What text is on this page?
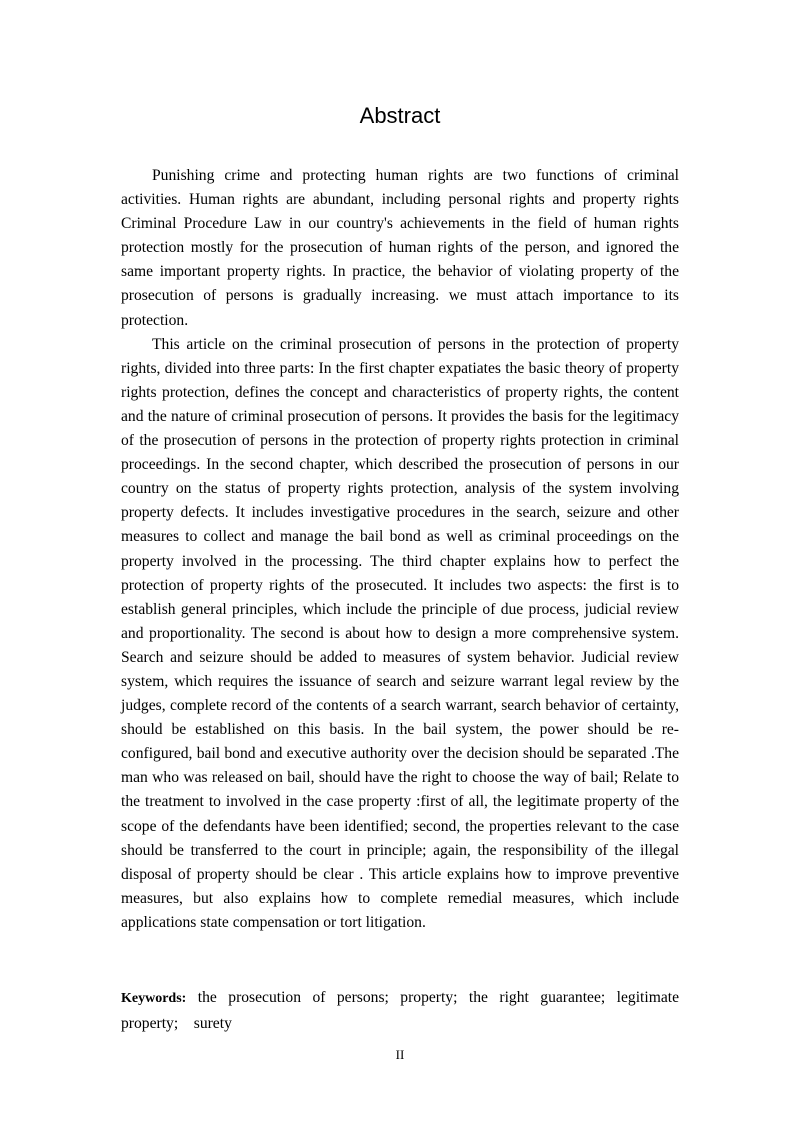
Abstract

Punishing crime and protecting human rights are two functions of criminal activities. Human rights are abundant, including personal rights and property rights Criminal Procedure Law in our country's achievements in the field of human rights protection mostly for the prosecution of human rights of the person, and ignored the same important property rights. In practice, the behavior of violating property of the prosecution of persons is gradually increasing. we must attach importance to its protection.

This article on the criminal prosecution of persons in the protection of property rights, divided into three parts: In the first chapter expatiates the basic theory of property rights protection, defines the concept and characteristics of property rights, the content and the nature of criminal prosecution of persons. It provides the basis for the legitimacy of the prosecution of persons in the protection of property rights protection in criminal proceedings. In the second chapter, which described the prosecution of persons in our country on the status of property rights protection, analysis of the system involving property defects. It includes investigative procedures in the search, seizure and other measures to collect and manage the bail bond as well as criminal proceedings on the property involved in the processing. The third chapter explains how to perfect the protection of property rights of the prosecuted. It includes two aspects: the first is to establish general principles, which include the principle of due process, judicial review and proportionality. The second is about how to design a more comprehensive system. Search and seizure should be added to measures of system behavior. Judicial review system, which requires the issuance of search and seizure warrant legal review by the judges, complete record of the contents of a search warrant, search behavior of certainty, should be established on this basis. In the bail system, the power should be re-configured, bail bond and executive authority over the decision should be separated .The man who was released on bail, should have the right to choose the way of bail; Relate to the treatment to involved in the case property :first of all, the legitimate property of the scope of the defendants have been identified; second, the properties relevant to the case should be transferred to the court in principle; again, the responsibility of the illegal disposal of property should be clear . This article explains how to improve preventive measures, but also explains how to complete remedial measures, which include applications state compensation or tort litigation.

Keywords: the prosecution of persons; property; the right guarantee; legitimate property;    surety

II
